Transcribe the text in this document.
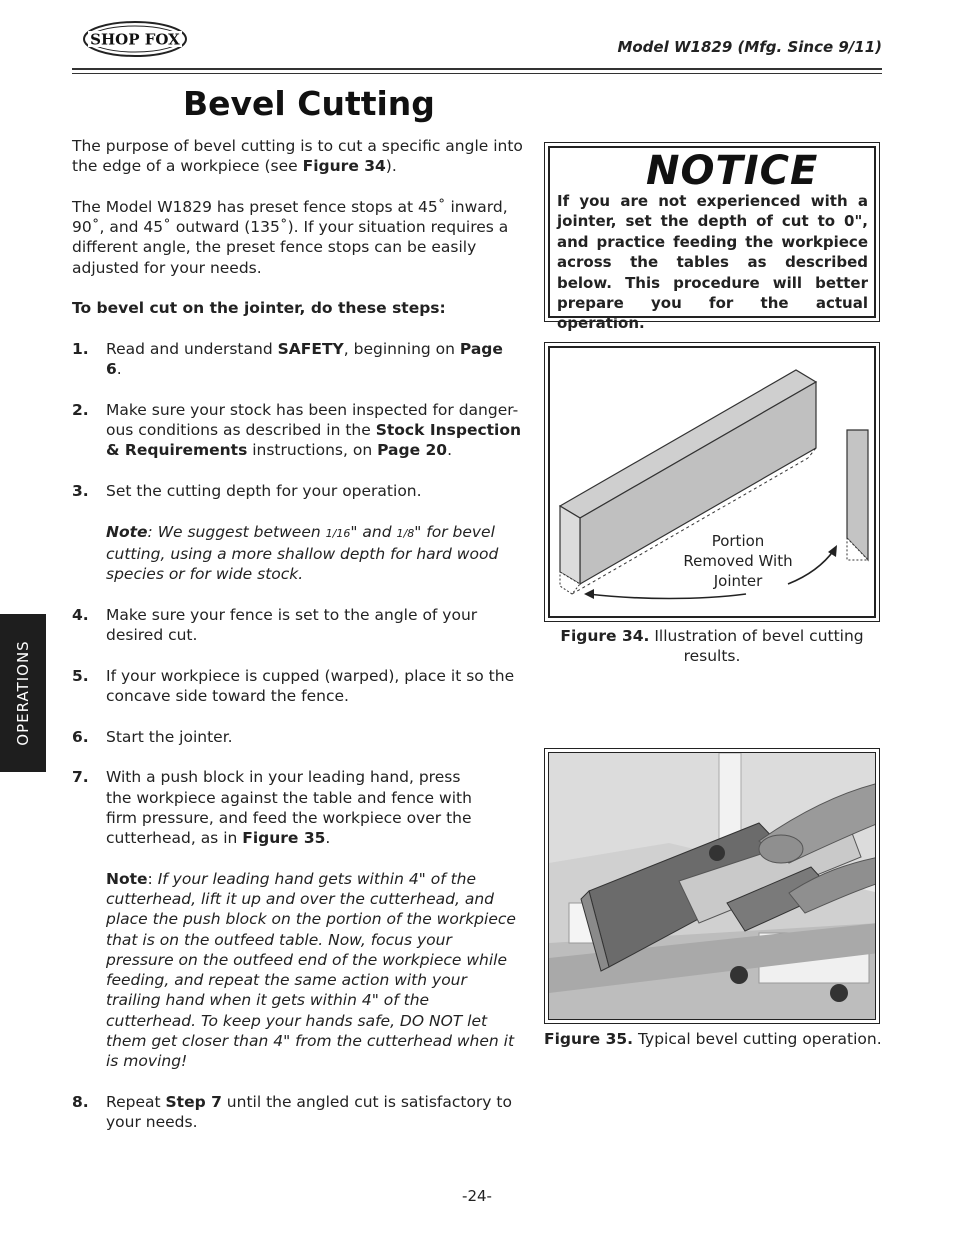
SHOP FOX	Model W1829 (Mfg. Since 9/11)
Bevel Cutting

The purpose of bevel cutting is to cut a specific angle into the edge of a workpiece (see Figure 34).

The Model W1829 has preset fence stops at 45˚ inward, 90˚, and 45˚ outward (135˚). If your situation requires a different angle, the preset fence stops can be easily adjusted for your needs.

To bevel cut on the jointer, do these steps:

1.	Read and understand SAFETY, beginning on Page 6.
2.	Make sure your stock has been inspected for danger-ous conditions as described in the Stock Inspection & Requirements instructions, on Page 20.
3.	Set the cutting depth for your operation.
Note: We suggest between 1/16" and 1/8" for bevel cutting, using a more shallow depth for hard wood species or for wide stock.
4.	Make sure your fence is set to the angle of your desired cut.
5.	If your workpiece is cupped (warped), place it so the concave side toward the fence.
6.	Start the jointer.
7.	With a push block in your leading hand, press the workpiece against the table and fence with firm pressure, and feed the workpiece over the cutterhead, as in Figure 35.
Note: If your leading hand gets within 4" of the cutterhead, lift it up and over the cutterhead, and place the push block on the portion of the workpiece that is on the outfeed table. Now, focus your pressure on the outfeed end of the workpiece while feeding, and repeat the same action with your trailing hand when it gets within 4" of the cutterhead. To keep your hands safe, DO NOT let them get closer than 4" from the cutterhead when it is moving!
8.	Repeat Step 7 until the angled cut is satisfactory to your needs.
OPERATIONS
NOTICE
If you are not experienced with a jointer, set the depth of cut to 0", and practice feeding the workpiece across the tables as described below. This procedure will better prepare you for the actual operation.
Portion
Removed With
Jointer
Figure 34. Illustration of bevel cutting results.
Figure 35. Typical bevel cutting operation.
-24-
